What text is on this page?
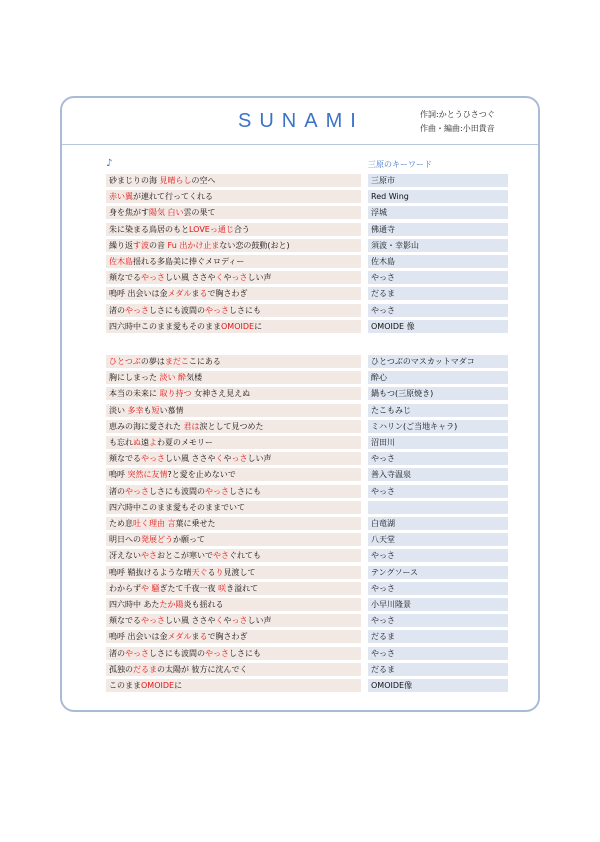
SUNAMI	作詞:かとうひさつぐ
作曲・編曲:小田貴音
♪	三原のキーワード
砂まじりの海 見晴らしの空へ	三原市
赤い翼が連れて行ってくれる	Red Wing
身を焦がす陽気 白い雲の果て	浮城
朱に染まる鳥居のもとLOVEっ通じ合う	佛通寺
繰り返す波の音 Fu 出かけ止まない恋の鼓動(おと)	須波・幸影山
佐木島揺れる多島美に捧ぐメロディー	佐木島
頬なでるやっさしい風 ささやくやっさしい声	やっさ
嗚呼 出会いは金メダルまるで胸さわぎ	だるま
渚のやっさしさにも波間のやっさしさにも	やっさ
四六時中このまま愛もそのままOMOIDEに	OMOIDE 像
ひとつぶの夢はまだここにある	ひとつぶのマスカットマダコ
胸にしまった 淡い 酔気楼	酔心
本当の未来に 取り持つ 女神さえ見えぬ	鍋もつ(三原焼き)
淡い 多幸も短い慕情	たこもみじ
恵みの海に愛された 君は涙として見つめた	ミハリン(ご当地キャラ)
も忘れぬ遠よわ夏のメモリー	沼田川
頬なでるやっさしい風 ささやくやっさしい声	やっさ
嗚呼 突然に友情?と愛を止めないで	善入寺温泉
渚のやっさしさにも波間のやっさしさにも	やっさ
四六時中このまま愛もそのままでいて
ため息吐く理由 言葉に乗せた	白竜湖
明日への発展どうか願って	八天堂
冴えないやさおとこが寒いでやさぐれても	やっさ
嗚呼 鞘抜けるような晴天ぐるり見渡して	テングソース
わからずや 騒ぎたて千夜一夜 咲き溢れて	やっさ
四六時中 あたたか陽炎も揺れる	小早川隆景
頬なでるやっさしい風 ささやくやっさしい声	やっさ
嗚呼 出会いは金メダルまるで胸さわぎ	だるま
渚のやっさしさにも波間のやっさしさにも	やっさ
孤独のだるまの太陽が 彼方に沈んでく	だるま
このままOMOIDEに	OMOIDE像
